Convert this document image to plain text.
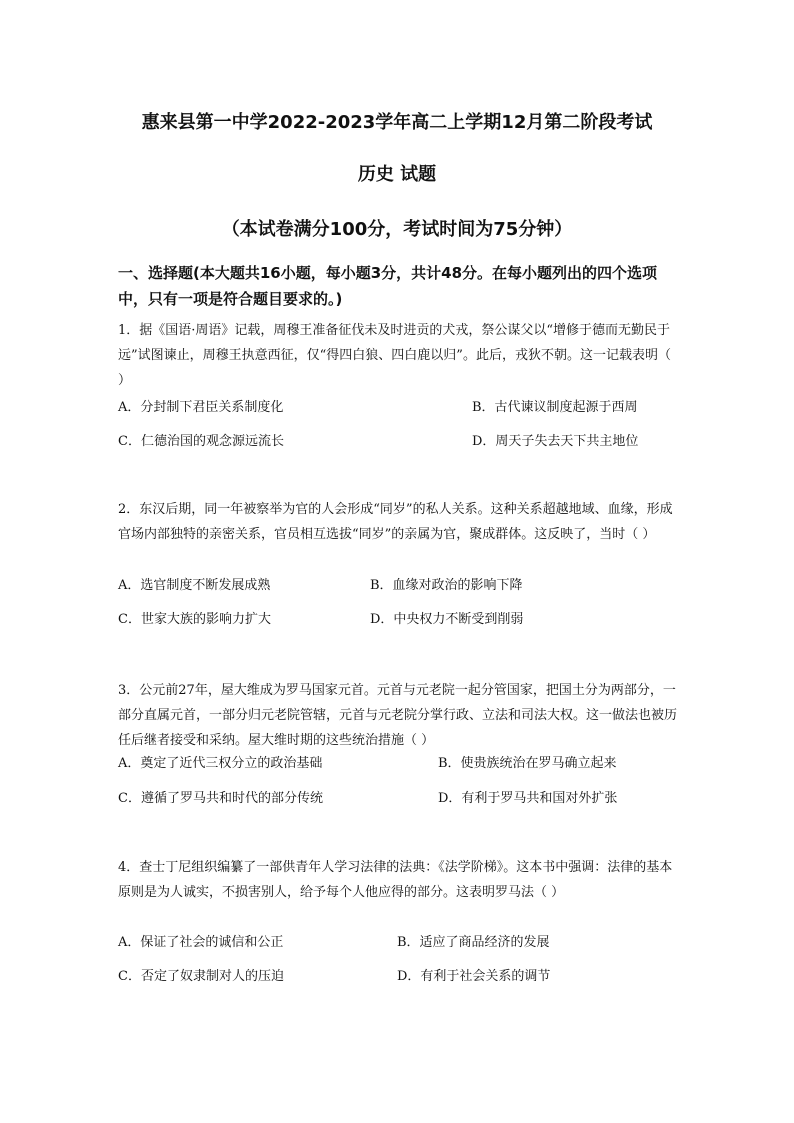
惠来县第一中学2022-2023学年高二上学期12月第二阶段考试
历史 试题
（本试卷满分100分，考试时间为75分钟）
一、选择题(本大题共16小题，每小题3分，共计48分。在每小题列出的四个选项中，只有一项是符合题目要求的。)
1．据《国语·周语》记载，周穆王准备征伐未及时进贡的犬戎，祭公谋父以“增修于德而无勤民于远”试图谏止，周穆王执意西征，仅“得四白狼、四白鹿以归”。此后，戎狄不朝。这一记载表明（ ）
A．分封制下君臣关系制度化	B．古代谏议制度起源于西周
C．仁德治国的观念源远流长	D．周天子失去天下共主地位
2．东汉后期，同一年被察举为官的人会形成“同岁”的私人关系。这种关系超越地域、血缘，形成官场内部独特的亲密关系，官员相互选拔“同岁”的亲属为官，聚成群体。这反映了，当时（ ）
A．选官制度不断发展成熟	B．血缘对政治的影响下降
C．世家大族的影响力扩大	D．中央权力不断受到削弱
3．公元前27年，屋大维成为罗马国家元首。元首与元老院一起分管国家，把国土分为两部分，一部分直属元首，一部分归元老院管辖，元首与元老院分掌行政、立法和司法大权。这一做法也被历任后继者接受和采纳。屋大维时期的这些统治措施（ ）
A．奠定了近代三权分立的政治基础	B．使贵族统治在罗马确立起来
C．遵循了罗马共和时代的部分传统	D．有利于罗马共和国对外扩张
4．查士丁尼组织编纂了一部供青年人学习法律的法典：《法学阶梯》。这本书中强调：法律的基本原则是为人诚实，不损害别人，给予每个人他应得的部分。这表明罗马法（ ）
A．保证了社会的诚信和公正	B．适应了商品经济的发展
C．否定了奴隶制对人的压迫	D．有利于社会关系的调节
